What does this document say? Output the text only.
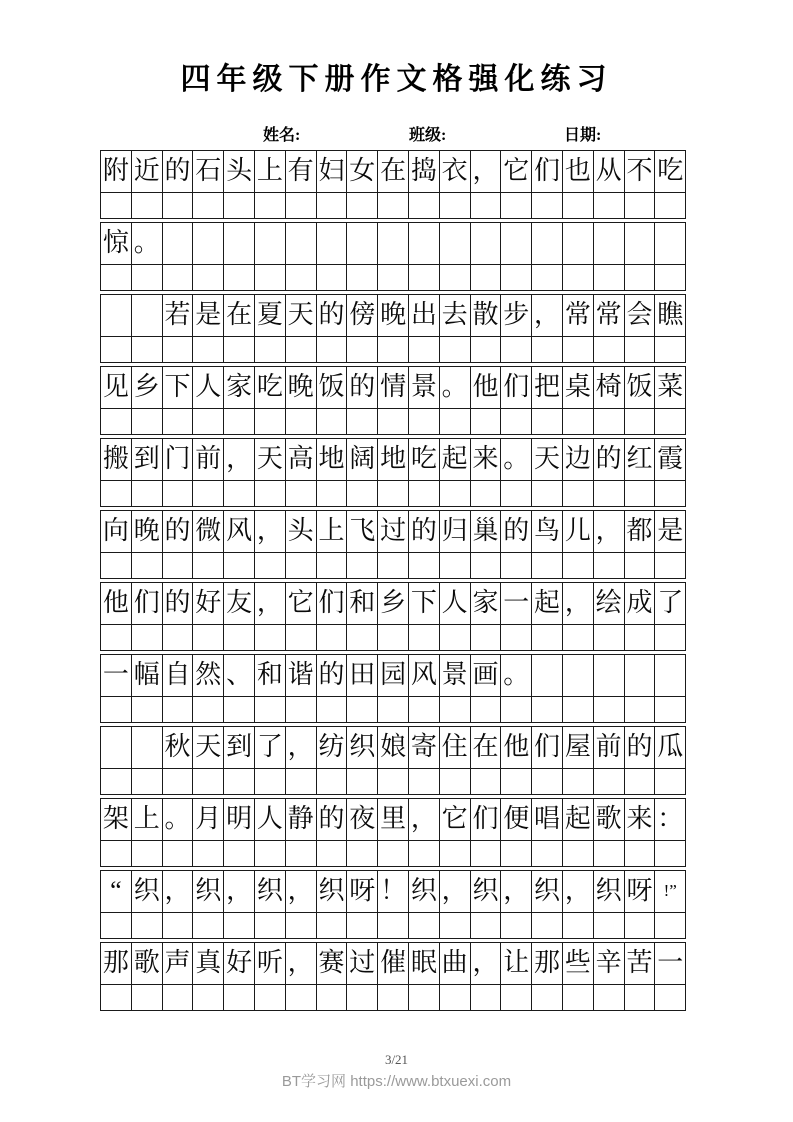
四年级下册作文格强化练习
姓名:	班级:	日期:
附 近 的 石 头 上 有 妇 女 在 捣 衣 ， 它 们 也 从 不 吃
惊 。
若 是 在 夏 天 的 傍 晚 出 去 散 步 ， 常 常 会 瞧
见 乡 下 人 家 吃 晚 饭 的 情 景 。 他 们 把 桌 椅 饭 菜
搬 到 门 前 ， 天 高 地 阔 地 吃 起 来 。 天 边 的 红 霞
向 晚 的 微 风 ， 头 上 飞 过 的 归 巢 的 鸟 儿 ， 都 是
他 们 的 好 友 ， 它 们 和 乡 下 人 家 一 起 ， 绘 成 了
一 幅 自 然 、 和 谐 的 田 园 风 景 画 。
秋 天 到 了 ， 纺 织 娘 寄 住 在 他 们 屋 前 的 瓜
架 上 。 月 明 人 静 的 夜 里 ， 它 们 便 唱 起 歌 来 ：
“ 织 ， 织 ， 织 ， 织 呀 ！ 织 ， 织 ， 织 ， 织 呀 !”
那 歌 声 真 好 听 ， 赛 过 催 眠 曲 ， 让 那 些 辛 苦 一
3/21
BT学习网 https://www.btxuexi.com
